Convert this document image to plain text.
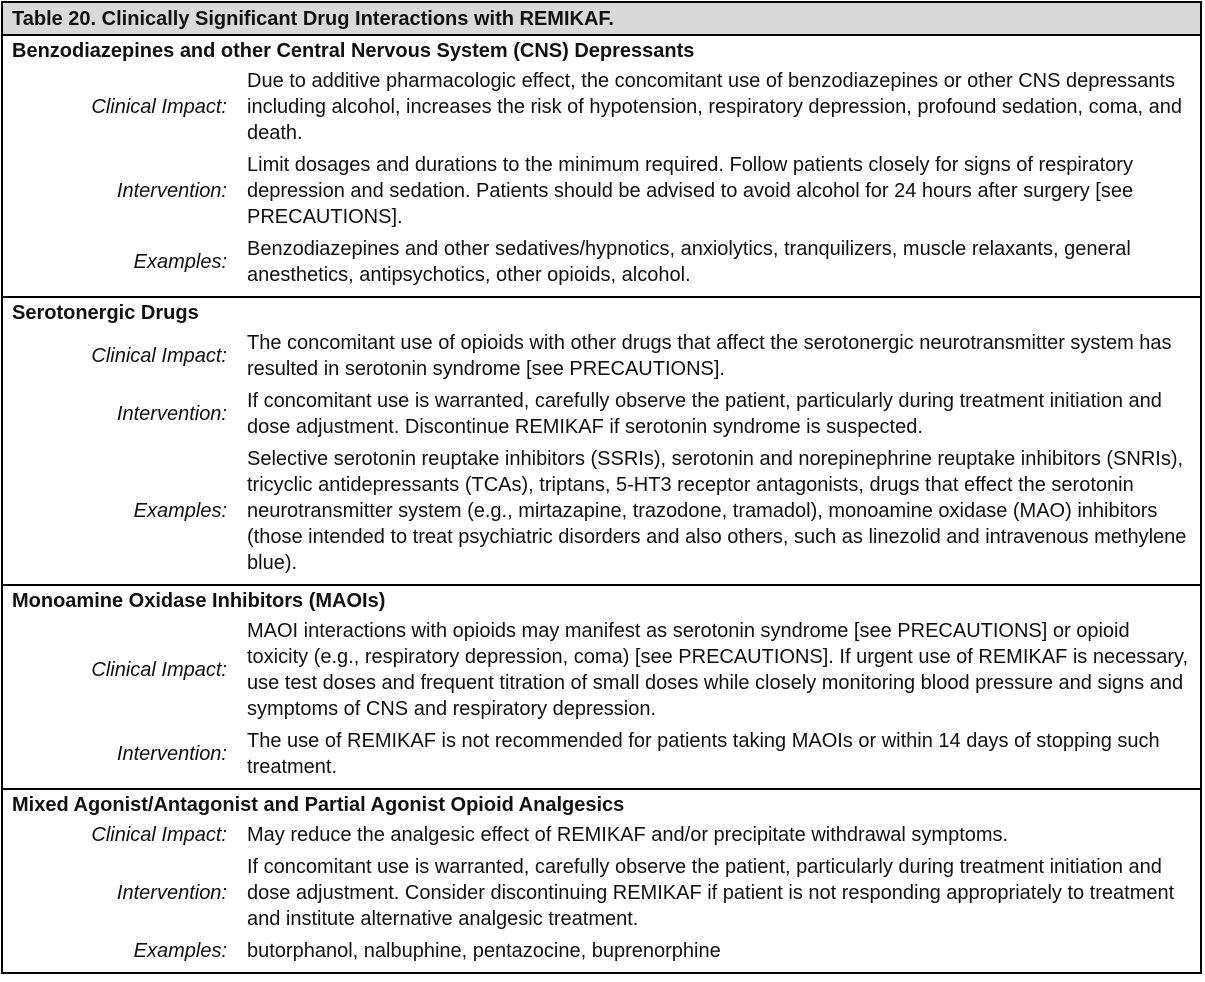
Table 20. Clinically Significant Drug Interactions with REMIKAF.
Benzodiazepines and other Central Nervous System (CNS) Depressants
Clinical Impact:
Due to additive pharmacologic effect, the concomitant use of benzodiazepines or other CNS depressants including alcohol, increases the risk of hypotension, respiratory depression, profound sedation, coma, and death.
Intervention:
Limit dosages and durations to the minimum required. Follow patients closely for signs of respiratory depression and sedation. Patients should be advised to avoid alcohol for 24 hours after surgery [see PRECAUTIONS].
Examples:
Benzodiazepines and other sedatives/hypnotics, anxiolytics, tranquilizers, muscle relaxants, general anesthetics, antipsychotics, other opioids, alcohol.
Serotonergic Drugs
Clinical Impact:
The concomitant use of opioids with other drugs that affect the serotonergic neurotransmitter system has resulted in serotonin syndrome [see PRECAUTIONS].
Intervention:
If concomitant use is warranted, carefully observe the patient, particularly during treatment initiation and dose adjustment. Discontinue REMIKAF if serotonin syndrome is suspected.
Examples:
Selective serotonin reuptake inhibitors (SSRIs), serotonin and norepinephrine reuptake inhibitors (SNRIs), tricyclic antidepressants (TCAs), triptans, 5-HT3 receptor antagonists, drugs that effect the serotonin neurotransmitter system (e.g., mirtazapine, trazodone, tramadol), monoamine oxidase (MAO) inhibitors (those intended to treat psychiatric disorders and also others, such as linezolid and intravenous methylene blue).
Monoamine Oxidase Inhibitors (MAOIs)
Clinical Impact:
MAOI interactions with opioids may manifest as serotonin syndrome [see PRECAUTIONS] or opioid toxicity (e.g., respiratory depression, coma) [see PRECAUTIONS]. If urgent use of REMIKAF is necessary, use test doses and frequent titration of small doses while closely monitoring blood pressure and signs and symptoms of CNS and respiratory depression.
Intervention:
The use of REMIKAF is not recommended for patients taking MAOIs or within 14 days of stopping such treatment.
Mixed Agonist/Antagonist and Partial Agonist Opioid Analgesics
Clinical Impact:	May reduce the analgesic effect of REMIKAF and/or precipitate withdrawal symptoms.
Intervention:
If concomitant use is warranted, carefully observe the patient, particularly during treatment initiation and dose adjustment. Consider discontinuing REMIKAF if patient is not responding appropriately to treatment and institute alternative analgesic treatment.
Examples:	butorphanol, nalbuphine, pentazocine, buprenorphine
